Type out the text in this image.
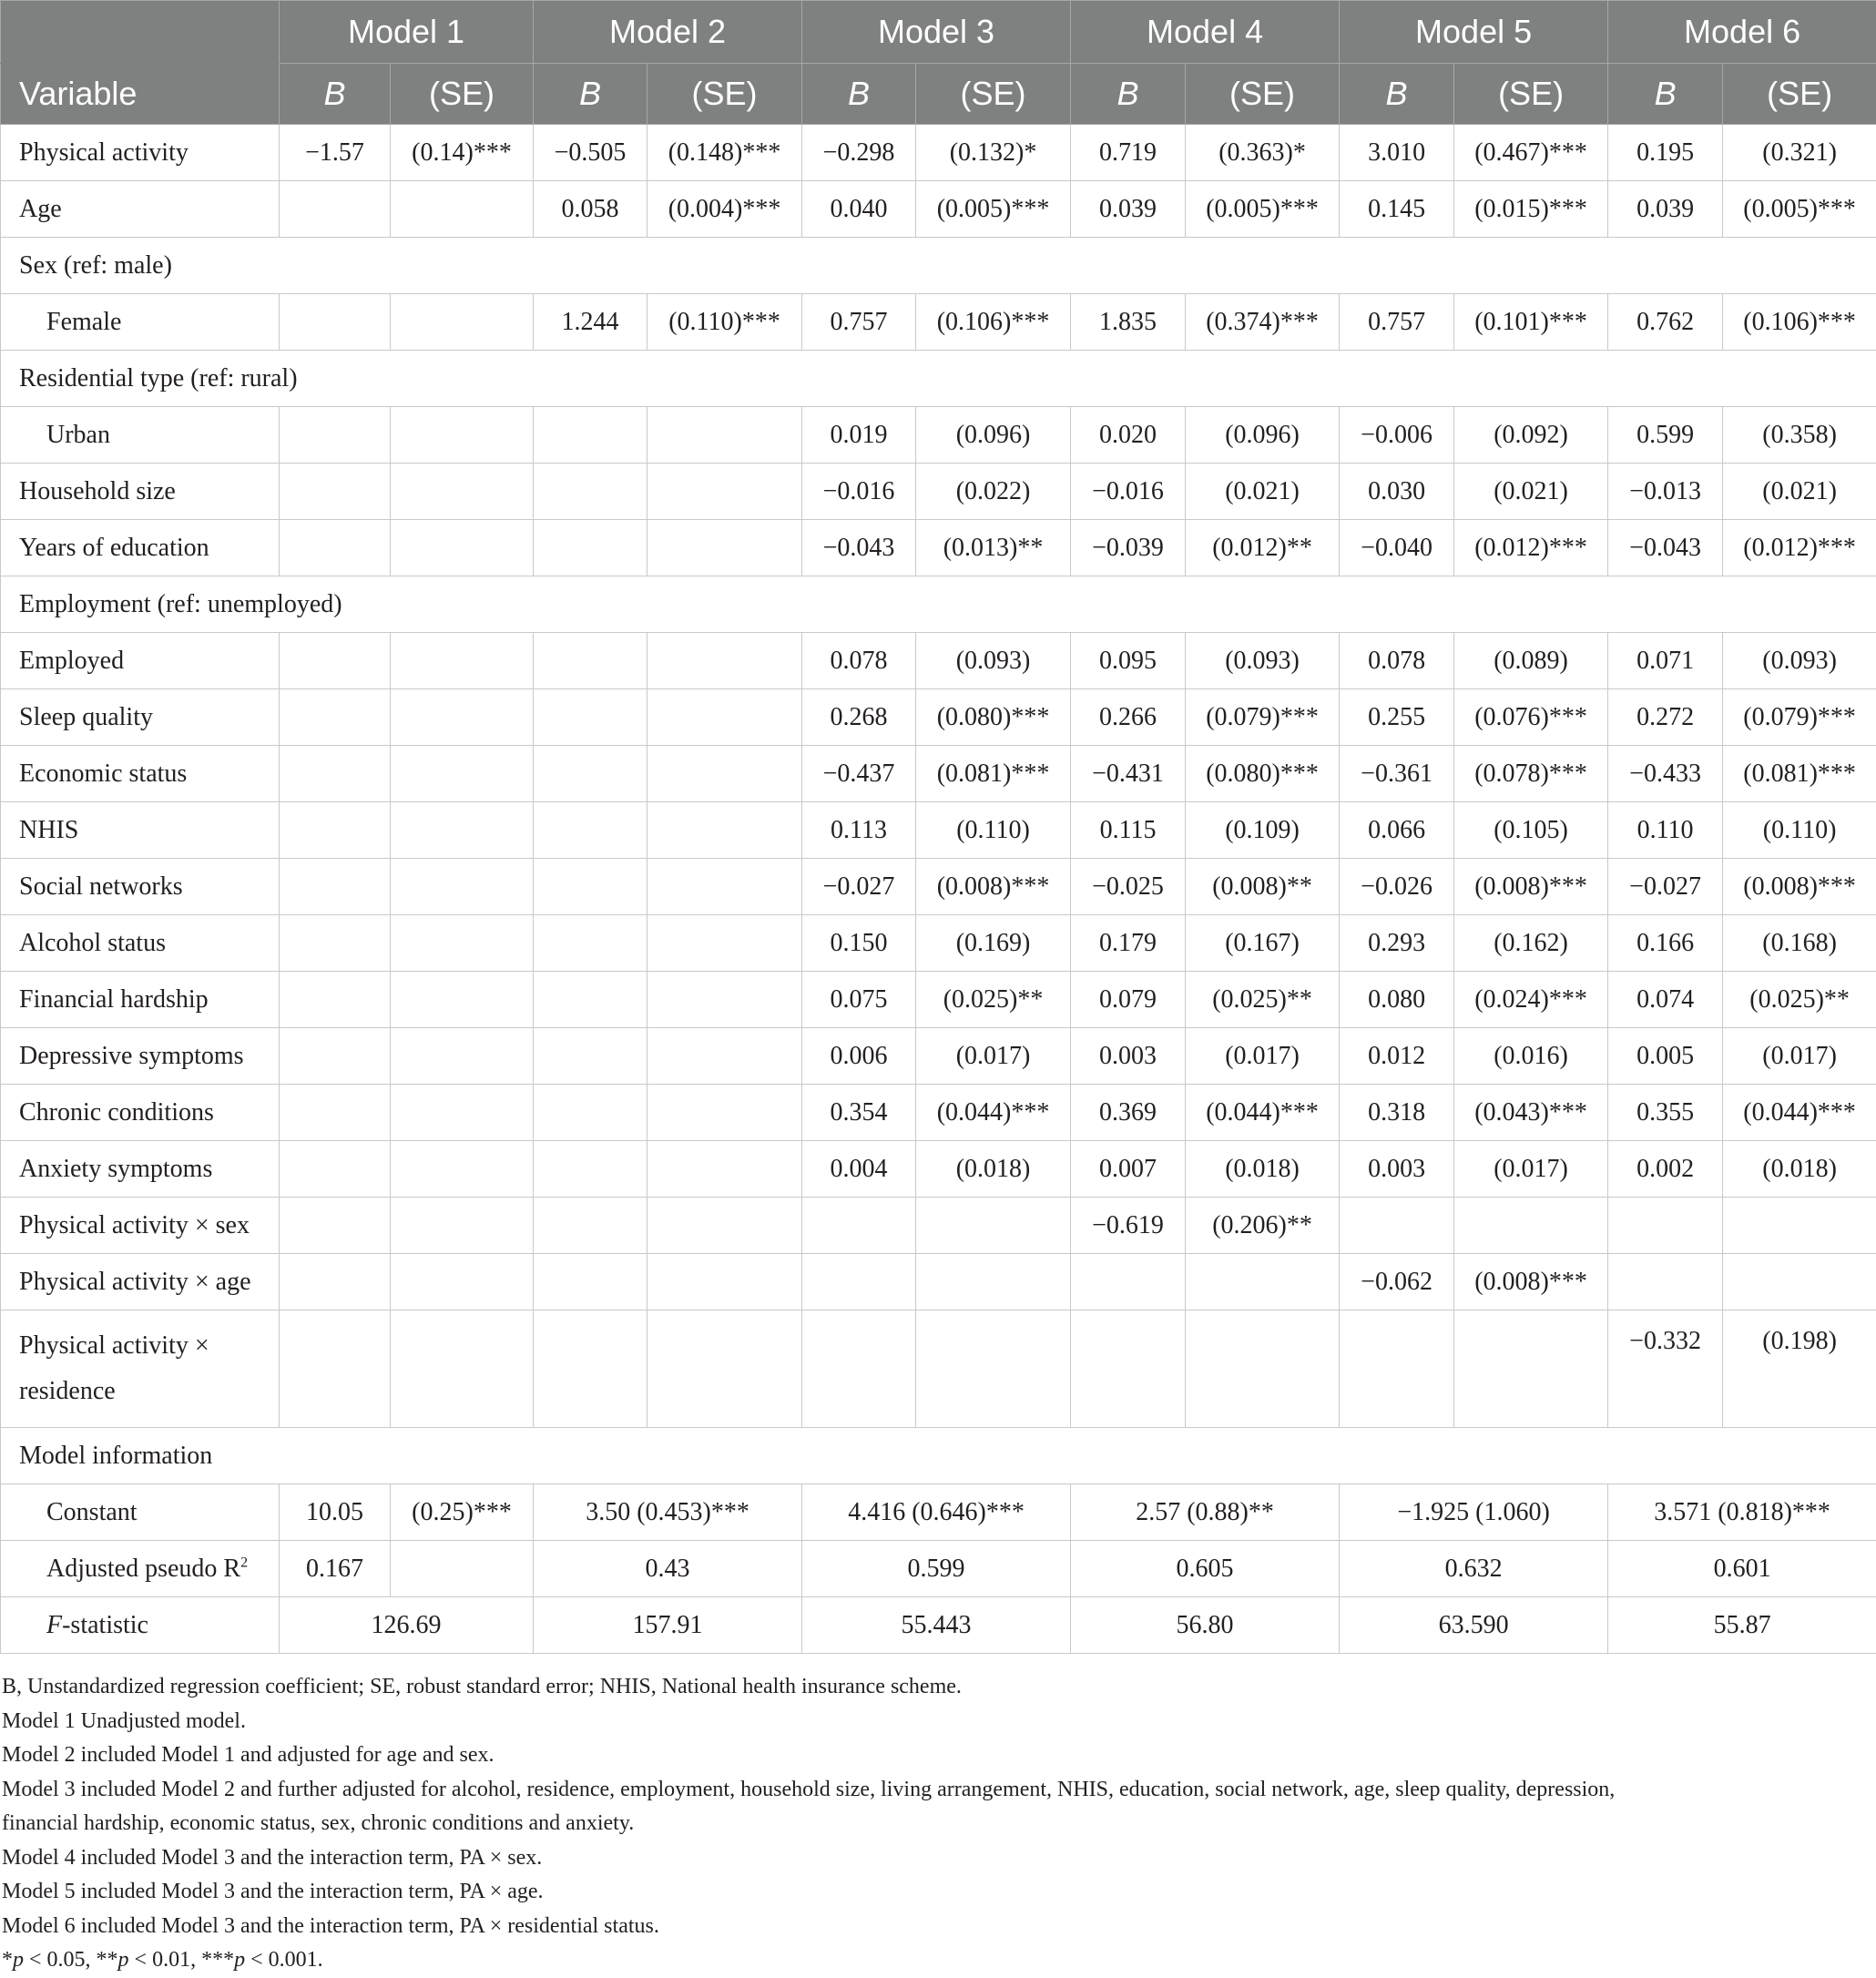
	Model 1		Model 2		Model 3		Model 4		Model 5		Model 6	
Variable	B	(SE)	B	(SE)	B	(SE)	B	(SE)	B	(SE)	B	(SE)
Physical activity	−1.57	(0.14)***	−0.505	(0.148)***	−0.298	(0.132)*	0.719	(0.363)*	3.010	(0.467)***	0.195	(0.321)
Age			0.058	(0.004)***	0.040	(0.005)***	0.039	(0.005)***	0.145	(0.015)***	0.039	(0.005)***
Sex (ref: male)												
Female			1.244	(0.110)***	0.757	(0.106)***	1.835	(0.374)***	0.757	(0.101)***	0.762	(0.106)***
Residential type (ref: rural)												
Urban					0.019	(0.096)	0.020	(0.096)	−0.006	(0.092)	0.599	(0.358)
Household size					−0.016	(0.022)	−0.016	(0.021)	0.030	(0.021)	−0.013	(0.021)
Years of education					−0.043	(0.013)**	−0.039	(0.012)**	−0.040	(0.012)***	−0.043	(0.012)***
Employment (ref: unemployed)												
Employed					0.078	(0.093)	0.095	(0.093)	0.078	(0.089)	0.071	(0.093)
Sleep quality					0.268	(0.080)***	0.266	(0.079)***	0.255	(0.076)***	0.272	(0.079)***
Economic status					−0.437	(0.081)***	−0.431	(0.080)***	−0.361	(0.078)***	−0.433	(0.081)***
NHIS					0.113	(0.110)	0.115	(0.109)	0.066	(0.105)	0.110	(0.110)
Social networks					−0.027	(0.008)***	−0.025	(0.008)**	−0.026	(0.008)***	−0.027	(0.008)***
Alcohol status					0.150	(0.169)	0.179	(0.167)	0.293	(0.162)	0.166	(0.168)
Financial hardship					0.075	(0.025)**	0.079	(0.025)**	0.080	(0.024)***	0.074	(0.025)**
Depressive symptoms					0.006	(0.017)	0.003	(0.017)	0.012	(0.016)	0.005	(0.017)
Chronic conditions					0.354	(0.044)***	0.369	(0.044)***	0.318	(0.043)***	0.355	(0.044)***
Anxiety symptoms					0.004	(0.018)	0.007	(0.018)	0.003	(0.017)	0.002	(0.018)
Physical activity × sex							−0.619	(0.206)**				
Physical activity × age									−0.062	(0.008)***		
Physical activity × residence											−0.332	(0.198)
Model information												
Constant	10.05	(0.25)***	3.50 (0.453)***		4.416 (0.646)***		2.57 (0.88)**		−1.925 (1.060)		3.571 (0.818)***	
Adjusted pseudo $R^2$	0.167		0.43		0.599		0.605		0.632		0.601	
F-statistic	126.69		157.91		55.443		56.80		63.590		55.87	
B, Unstandardized regression coefficient; SE, robust standard error; NHIS, National health insurance scheme.
Model 1 Unadjusted model.
Model 2 included Model 1 and adjusted for age and sex.
Model 3 included Model 2 and further adjusted for alcohol, residence, employment, household size, living arrangement, NHIS, education, social network, age, sleep quality, depression,
financial hardship, economic status, sex, chronic conditions and anxiety.
Model 4 included Model 3 and the interaction term, PA × sex.
Model 5 included Model 3 and the interaction term, PA × age.
Model 6 included Model 3 and the interaction term, PA × residential status.
*p < 0.05, **p < 0.01, ***p < 0.001.
